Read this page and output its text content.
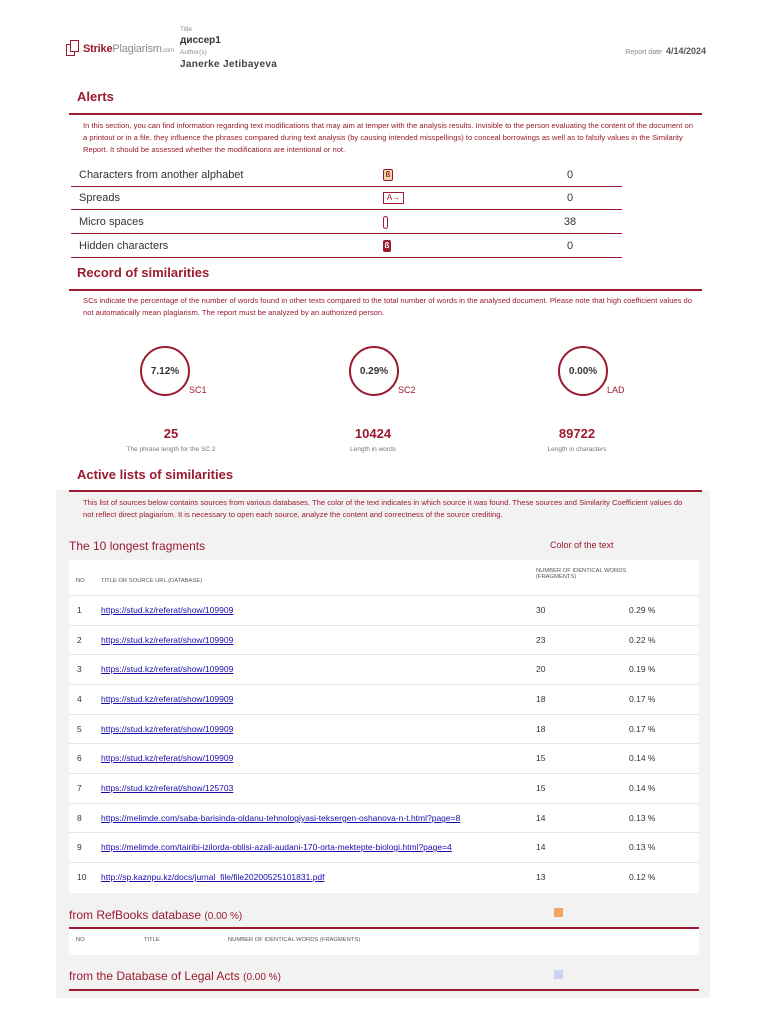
StrikePlagiarism.com
Title
диссер1
Author(s)
Janerke Jetibayeva
Report date 4/14/2024
Alerts
In this section, you can find information regarding text modifications that may aim at temper with the analysis results. Invisible to the person evaluating the content of the document on a printout or in a file, they influence the phrases compared during text analysis (by causing intended misspellings) to conceal borrowings as well as to falsify values in the Similarity Report. It should be assessed whether the modifications are intentional or not.
Characters from another alphabet	ß	0
Spreads	A→	0
Micro spaces	38
Hidden characters	ß	0
Record of similarities
SCs indicate the percentage of the number of words found in other texts compared to the total number of words in the analysed document. Please note that high coefficient values do not automatically mean plagiarism. The report must be analyzed by an authorized person.
7.12%
SC1
0.29%
SC2
0.00%
LAD
25
The phrase length for the SC 2
10424
Length in words
89722
Length in characters
Active lists of similarities
This list of sources below contains sources from various databases. The color of the text indicates in which source it was found. These sources and Similarity Coefficient values do not reflect direct plagiarism. It is necessary to open each source, analyze the content and correctness of the source crediting.
The 10 longest fragments	Color of the text
NO	TITLE OR SOURCE URL (DATABASE)
NUMBER OF IDENTICAL WORDS
(FRAGMENTS)
1 https://stud.kz/referat/show/109909	30	0.29 %
2 https://stud.kz/referat/show/109909	23	0.22 %
3 https://stud.kz/referat/show/109909	20	0.19 %
4 https://stud.kz/referat/show/109909	18	0.17 %
5 https://stud.kz/referat/show/109909	18	0.17 %
6 https://stud.kz/referat/show/109909	15	0.14 %
7 https://stud.kz/referat/show/125703	15	0.14 %
8 https://melimde.com/saba-barisinda-oldanu-tehnologiyasi-teksergen-oshanova-n-t.html?page=8	14	0.13 %
9 https://melimde.com/tairibi-izilorda-oblisi-azali-audani-170-orta-mektepte-biologi.html?page=4	14	0.13 %
10 http://sp.kaznpu.kz/docs/jurnal_file/file20200525101831.pdf	13	0.12 %
from RefBooks database (0.00 %)
NO	TITLE	NUMBER OF IDENTICAL WORDS (FRAGMENTS)
from the Database of Legal Acts (0.00 %)
